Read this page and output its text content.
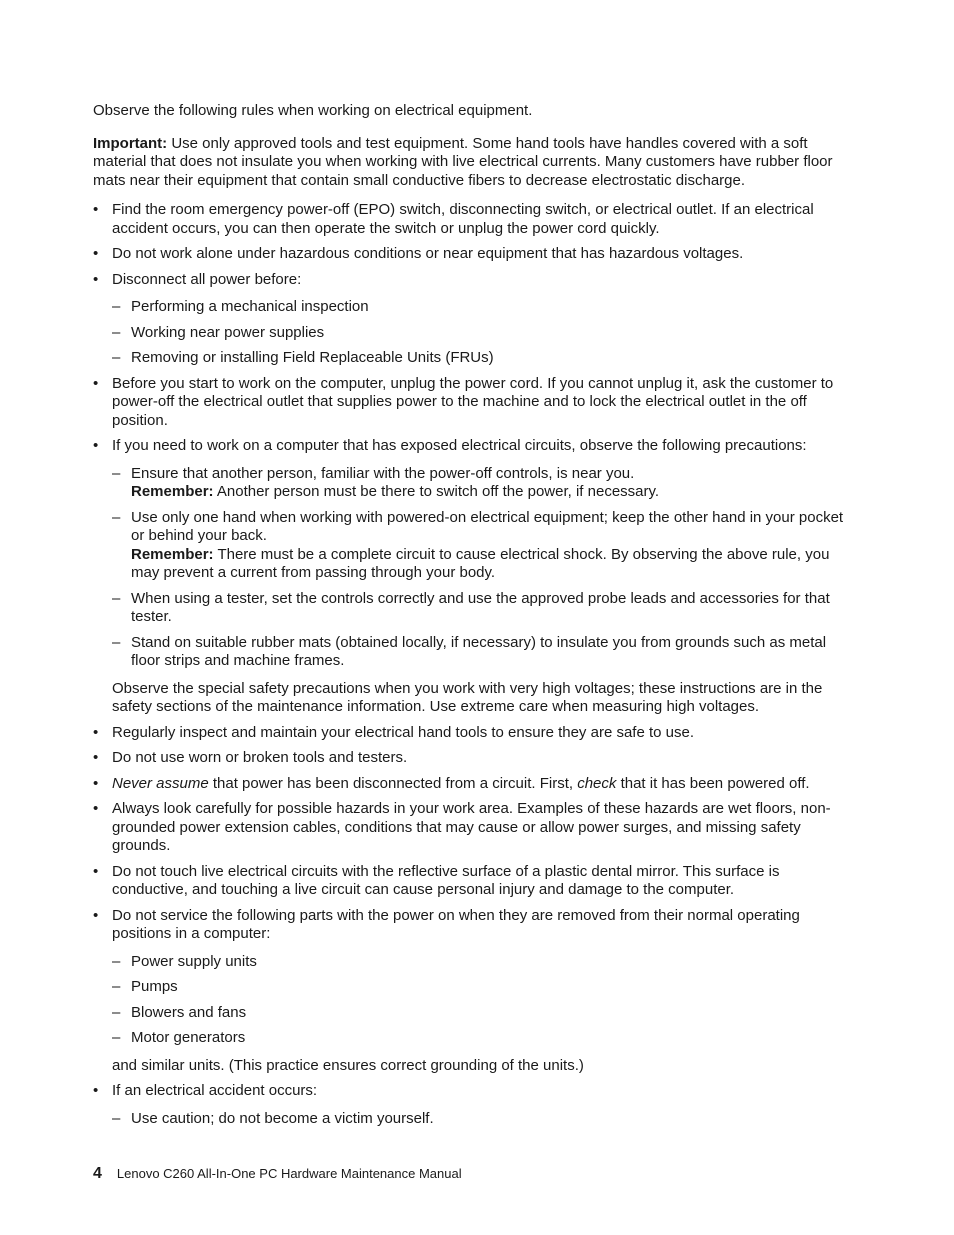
Observe the following rules when working on electrical equipment.

Important: Use only approved tools and test equipment. Some hand tools have handles covered with a soft material that does not insulate you when working with live electrical currents. Many customers have rubber floor mats near their equipment that contain small conductive fibers to decrease electrostatic discharge.

• Find the room emergency power-off (EPO) switch, disconnecting switch, or electrical outlet. If an electrical accident occurs, you can then operate the switch or unplug the power cord quickly.
• Do not work alone under hazardous conditions or near equipment that has hazardous voltages.
• Disconnect all power before:
– Performing a mechanical inspection
– Working near power supplies
– Removing or installing Field Replaceable Units (FRUs)
• Before you start to work on the computer, unplug the power cord. If you cannot unplug it, ask the customer to power-off the electrical outlet that supplies power to the machine and to lock the electrical outlet in the off position.
• If you need to work on a computer that has exposed electrical circuits, observe the following precautions:
– Ensure that another person, familiar with the power-off controls, is near you.
Remember: Another person must be there to switch off the power, if necessary.
– Use only one hand when working with powered-on electrical equipment; keep the other hand in your pocket or behind your back.
Remember: There must be a complete circuit to cause electrical shock. By observing the above rule, you may prevent a current from passing through your body.
– When using a tester, set the controls correctly and use the approved probe leads and accessories for that tester.
– Stand on suitable rubber mats (obtained locally, if necessary) to insulate you from grounds such as metal floor strips and machine frames.

Observe the special safety precautions when you work with very high voltages; these instructions are in the safety sections of the maintenance information. Use extreme care when measuring high voltages.

• Regularly inspect and maintain your electrical hand tools to ensure they are safe to use.
• Do not use worn or broken tools and testers.
• Never assume that power has been disconnected from a circuit. First, check that it has been powered off.
• Always look carefully for possible hazards in your work area. Examples of these hazards are wet floors, non-grounded power extension cables, conditions that may cause or allow power surges, and missing safety grounds.
• Do not touch live electrical circuits with the reflective surface of a plastic dental mirror. This surface is conductive, and touching a live circuit can cause personal injury and damage to the computer.
• Do not service the following parts with the power on when they are removed from their normal operating positions in a computer:
– Power supply units
– Pumps
– Blowers and fans
– Motor generators

and similar units. (This practice ensures correct grounding of the units.)

• If an electrical accident occurs:
– Use caution; do not become a victim yourself.
4 Lenovo C260 All-In-One PC Hardware Maintenance Manual
